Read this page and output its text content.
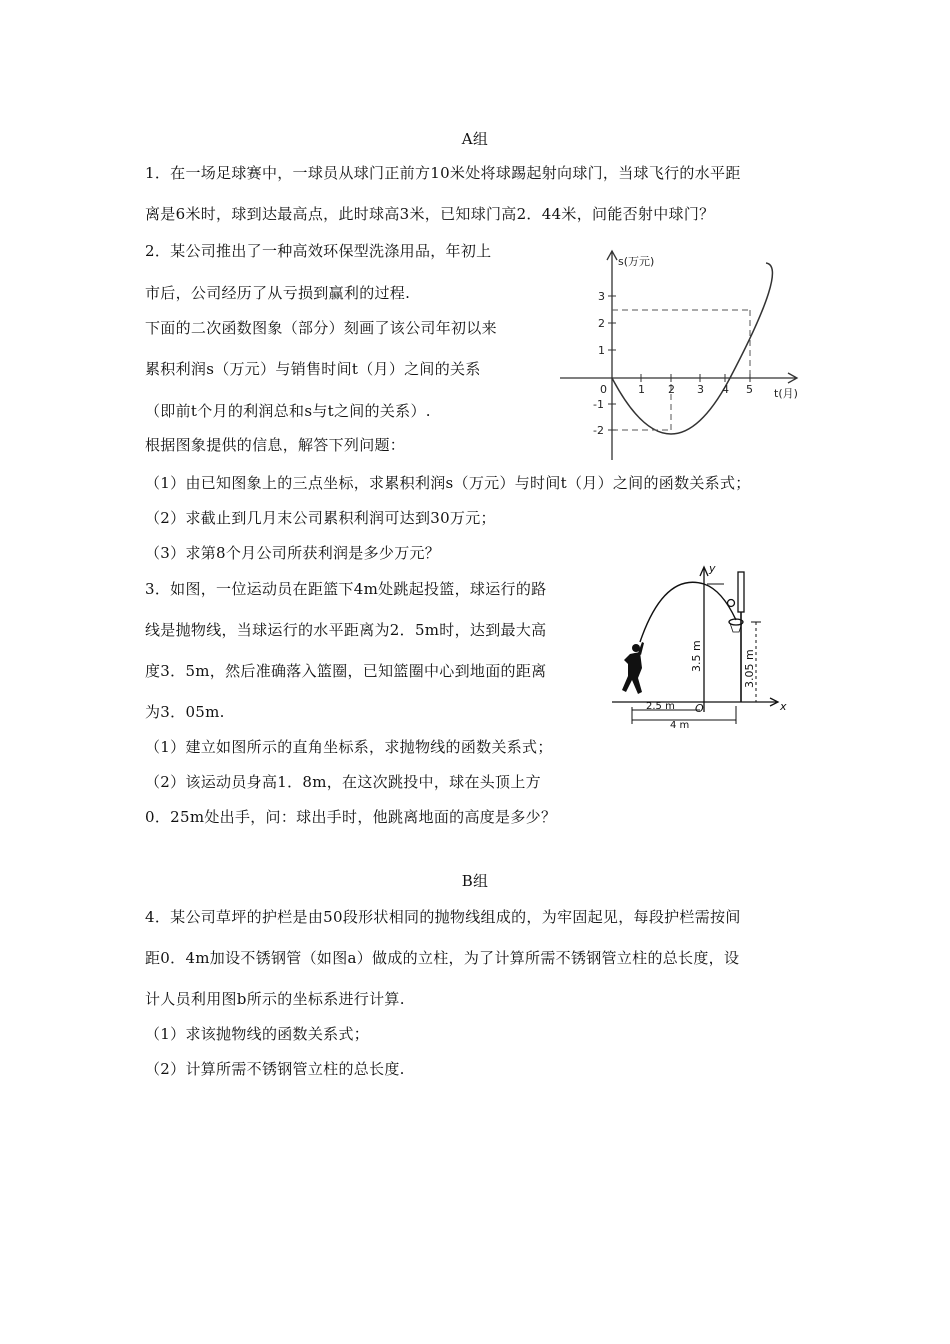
A组
1．在一场足球赛中，一球员从球门正前方10米处将球踢起射向球门，当球飞行的水平距
离是6米时，球到达最高点，此时球高3米，已知球门高2．44米，问能否射中球门？
2．某公司推出了一种高效环保型洗涤用品，年初上
市后，公司经历了从亏损到赢利的过程.
下面的二次函数图象（部分）刻画了该公司年初以来
累积利润s（万元）与销售时间t（月）之间的关系
（即前t个月的利润总和s与t之间的关系）.
根据图象提供的信息，解答下列问题：
（1）由已知图象上的三点坐标，求累积利润s（万元）与时间t（月）之间的函数关系式；
（2）求截止到几月末公司累积利润可达到30万元；
（3）求第8个月公司所获利润是多少万元？
s(万元)
t(月)
0	1 2 3 4 5
3
2
1
-1
-2
3．如图，一位运动员在距篮下4m处跳起投篮，球运行的路
线是抛物线，当球运行的水平距离为2．5m时，达到最大高
度3．5m，然后准确落入篮圈，已知篮圈中心到地面的距离
为3．05m.
（1）建立如图所示的直角坐标系，求抛物线的函数关系式；
（2）该运动员身高1．8m，在这次跳投中，球在头顶上方
0．25m处出手，问：球出手时，他跳离地面的高度是多少？
y
x
O
3.5 m	3.05 m
2.5 m
4 m
B组
4．某公司草坪的护栏是由50段形状相同的抛物线组成的，为牢固起见，每段护栏需按间
距0．4m加设不锈钢管（如图a）做成的立柱，为了计算所需不锈钢管立柱的总长度，设
计人员利用图b所示的坐标系进行计算.
（1）求该抛物线的函数关系式；
（2）计算所需不锈钢管立柱的总长度.
